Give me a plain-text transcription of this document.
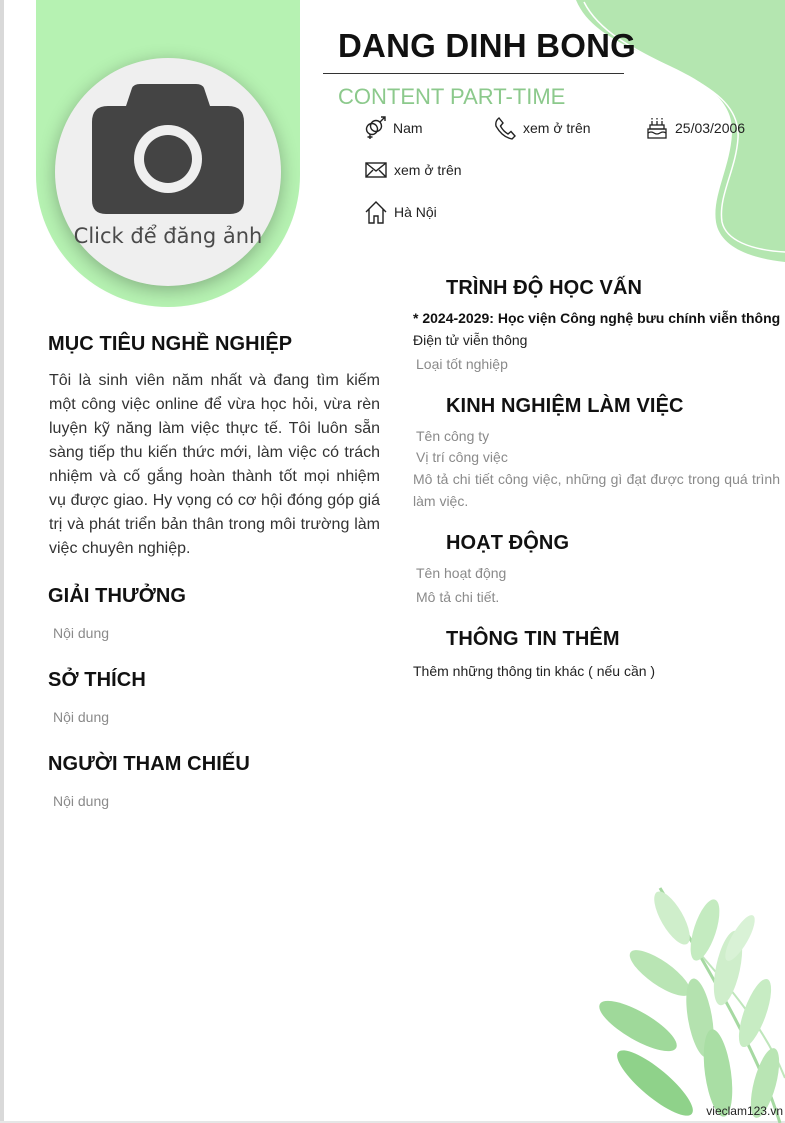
Click để đăng ảnh
DANG DINH BONG
CONTENT PART-TIME
Nam	xem ở trên	25/03/2006
xem ở trên
Hà Nội
MỤC TIÊU NGHỀ NGHIỆP
Tôi là sinh viên năm nhất và đang tìm kiếm một công việc online để vừa học hỏi, vừa rèn luyện kỹ năng làm việc thực tế. Tôi luôn sẵn sàng tiếp thu kiến thức mới, làm việc có trách nhiệm và cố gắng hoàn thành tốt mọi nhiệm vụ được giao. Hy vọng có cơ hội đóng góp giá trị và phát triển bản thân trong môi trường làm việc chuyên nghiệp.
GIẢI THƯỞNG
Nội dung
SỞ THÍCH
Nội dung
NGƯỜI THAM CHIẾU
Nội dung
TRÌNH ĐỘ HỌC VẤN
* 2024-2029: Học viện Công nghệ bưu chính viễn thông
Điện tử viễn thông
Loại tốt nghiệp
KINH NGHIỆM LÀM VIỆC
Tên công ty
Vị trí công việc
Mô tả chi tiết công việc, những gì đạt được trong quá trình làm việc.
HOẠT ĐỘNG
Tên hoạt động
Mô tả chi tiết.
THÔNG TIN THÊM
Thêm những thông tin khác ( nếu cần )
vieclam123.vn
